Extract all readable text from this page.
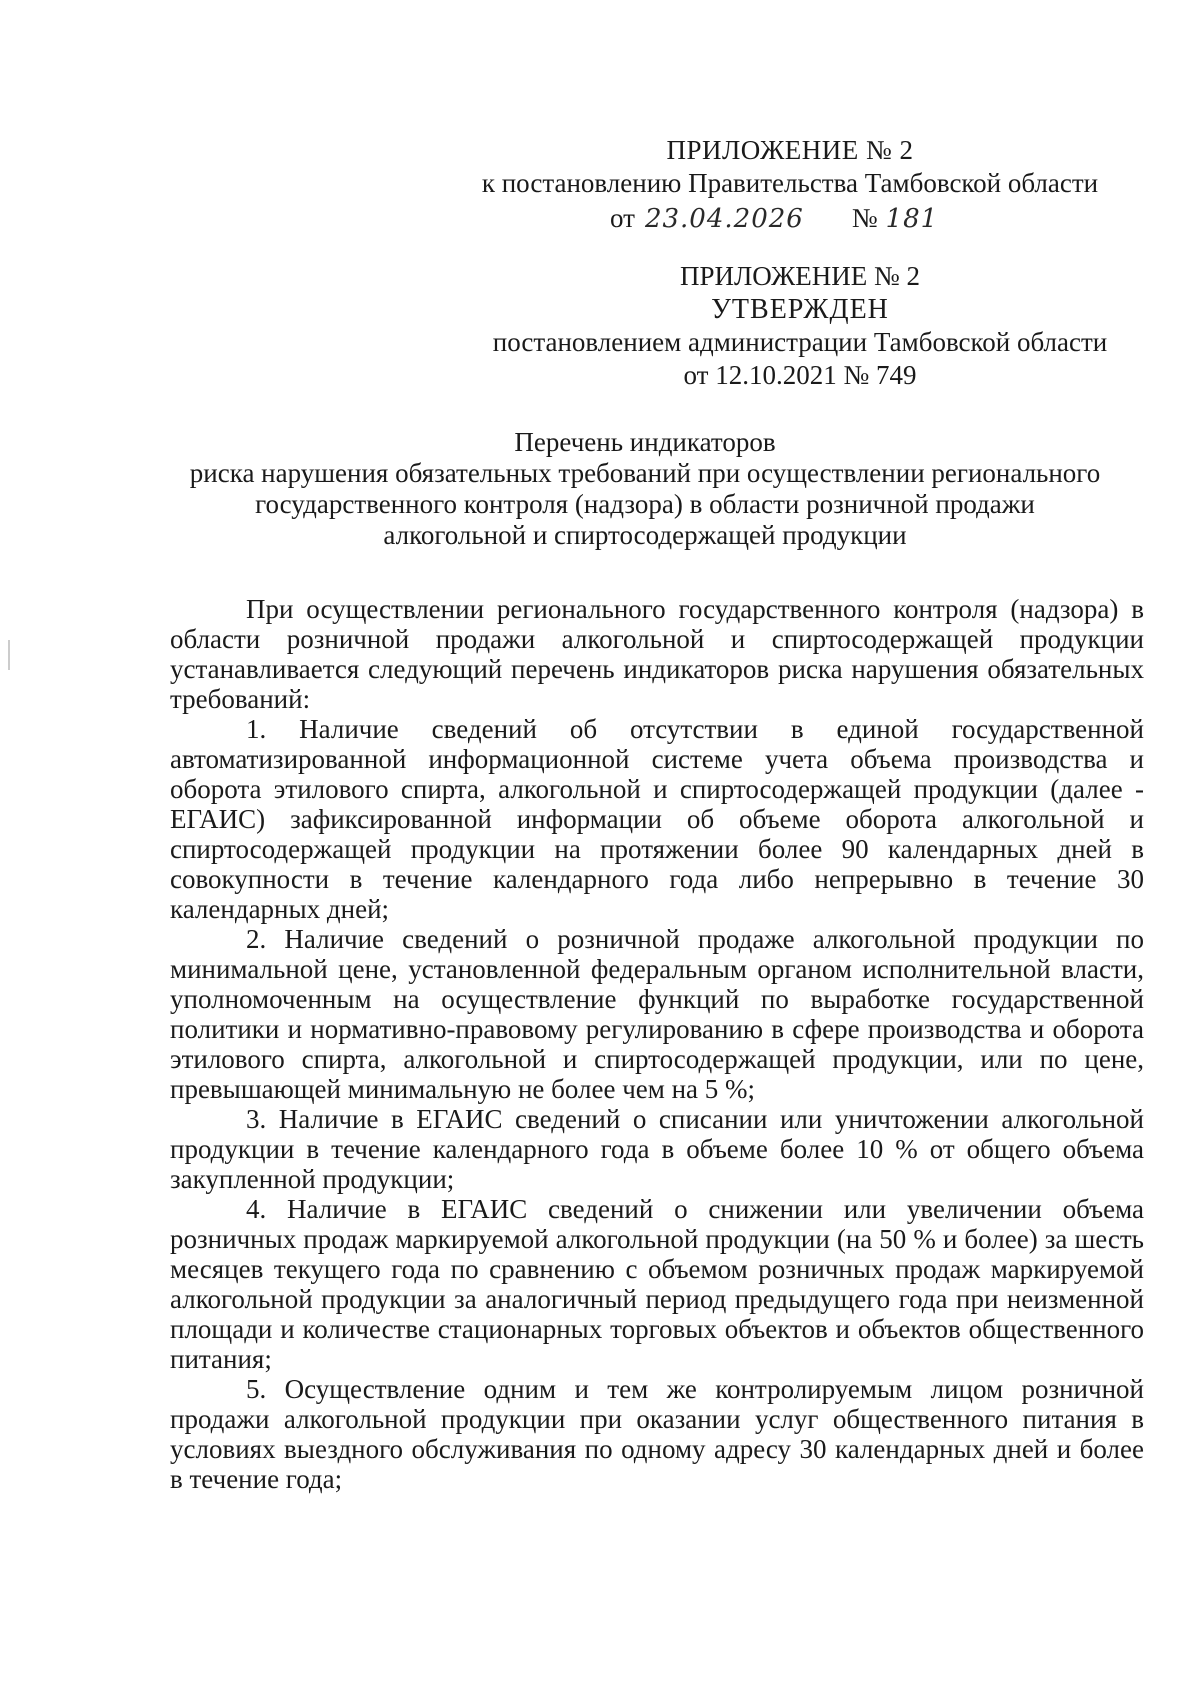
ПРИЛОЖЕНИЕ № 2
к постановлению Правительства Тамбовской области
от 23.04.2026 № 181
ПРИЛОЖЕНИЕ № 2
УТВЕРЖДЕН
постановлением администрации Тамбовской области
от 12.10.2021 № 749
Перечень индикаторов
риска нарушения обязательных требований при осуществлении регионального
государственного контроля (надзора) в области розничной продажи
алкогольной и спиртосодержащей продукции

При осуществлении регионального государственного контроля (надзора) в области розничной продажи алкогольной и спиртосодержащей продукции устанавливается следующий перечень индикаторов риска нарушения обязательных требований:

1. Наличие сведений об отсутствии в единой государственной автоматизированной информационной системе учета объема производства и оборота этилового спирта, алкогольной и спиртосодержащей продукции (далее - ЕГАИС) зафиксированной информации об объеме оборота алкогольной и спиртосодержащей продукции на протяжении более 90 календарных дней в совокупности в течение календарного года либо непрерывно в течение 30 календарных дней;

2. Наличие сведений о розничной продаже алкогольной продукции по минимальной цене, установленной федеральным органом исполнительной власти, уполномоченным на осуществление функций по выработке государственной политики и нормативно-правовому регулированию в сфере производства и оборота этилового спирта, алкогольной и спиртосодержащей продукции, или по цене, превышающей минимальную не более чем на 5 %;

3. Наличие в ЕГАИС сведений о списании или уничтожении алкогольной продукции в течение календарного года в объеме более 10 % от общего объема закупленной продукции;

4. Наличие в ЕГАИС сведений о снижении или увеличении объема розничных продаж маркируемой алкогольной продукции (на 50 % и более) за шесть месяцев текущего года по сравнению с объемом розничных продаж маркируемой алкогольной продукции за аналогичный период предыдущего года при неизменной площади и количестве стационарных торговых объектов и объектов общественного питания;

5. Осуществление одним и тем же контролируемым лицом розничной продажи алкогольной продукции при оказании услуг общественного питания в условиях выездного обслуживания по одному адресу 30 календарных дней и более в течение года;
